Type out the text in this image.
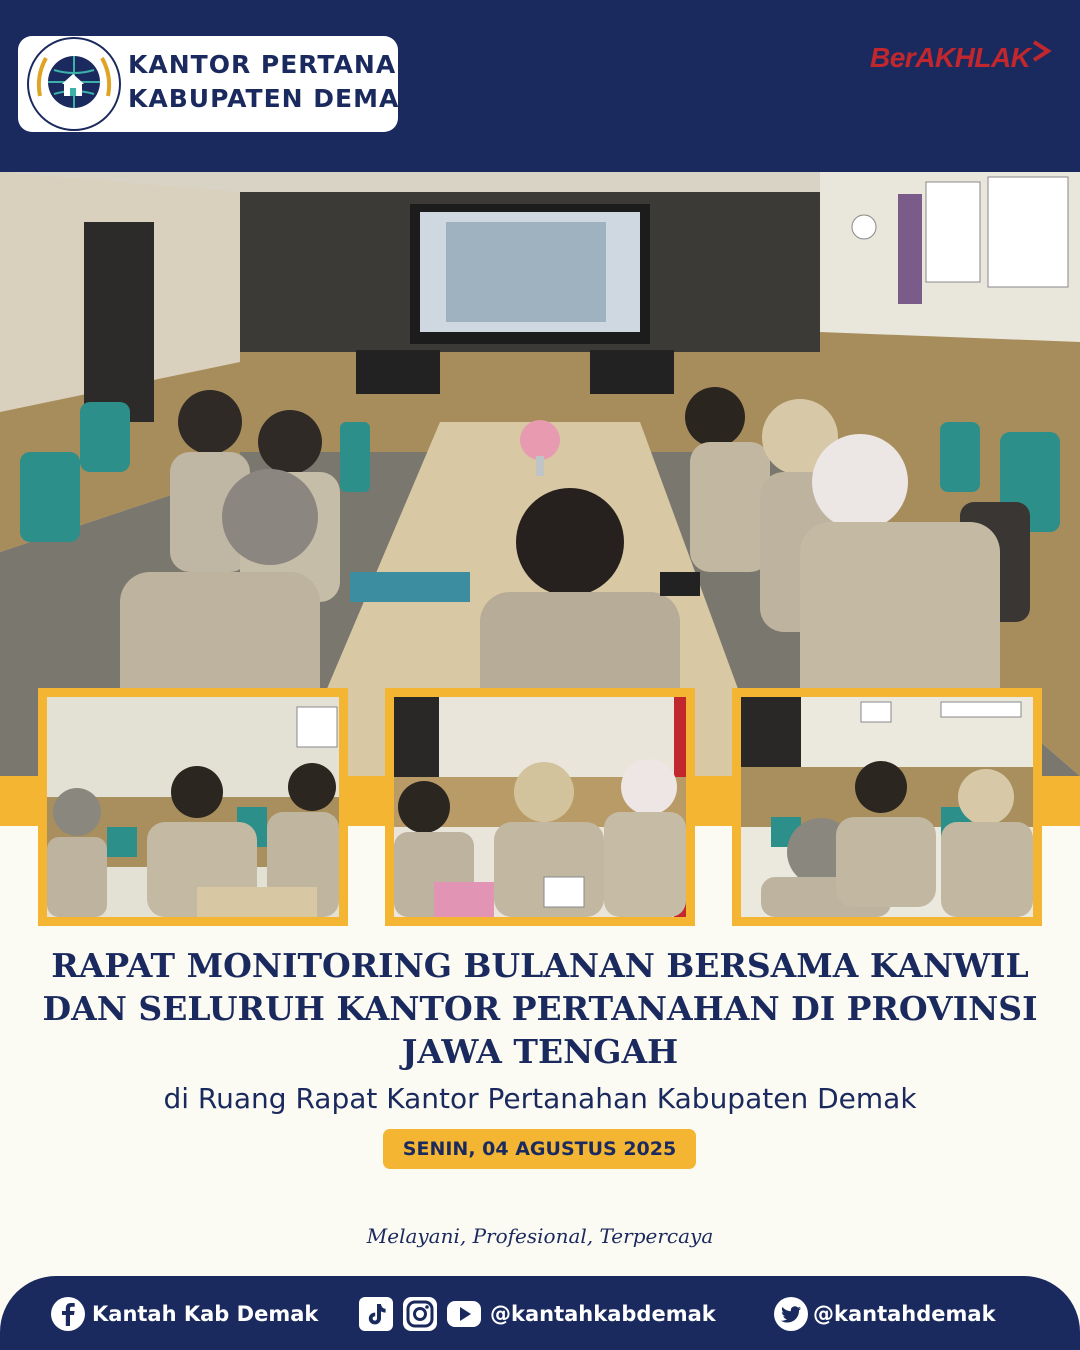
KANTOR PERTANAHAN
KABUPATEN DEMAK
BerAKHLAK
Berorientasi Pelayanan Akuntabel Kompeten
Harmonis Loyal Adaptif Kolaboratif
RAPAT MONITORING BULANAN BERSAMA KANWIL
DAN SELURUH KANTOR PERTANAHAN DI PROVINSI
JAWA TENGAH
di Ruang Rapat Kantor Pertanahan Kabupaten Demak
SENIN, 04 AGUSTUS 2025
Melayani, Profesional, Terpercaya
Kantah Kab Demak	@kantahkabdemak	@kantahdemak
